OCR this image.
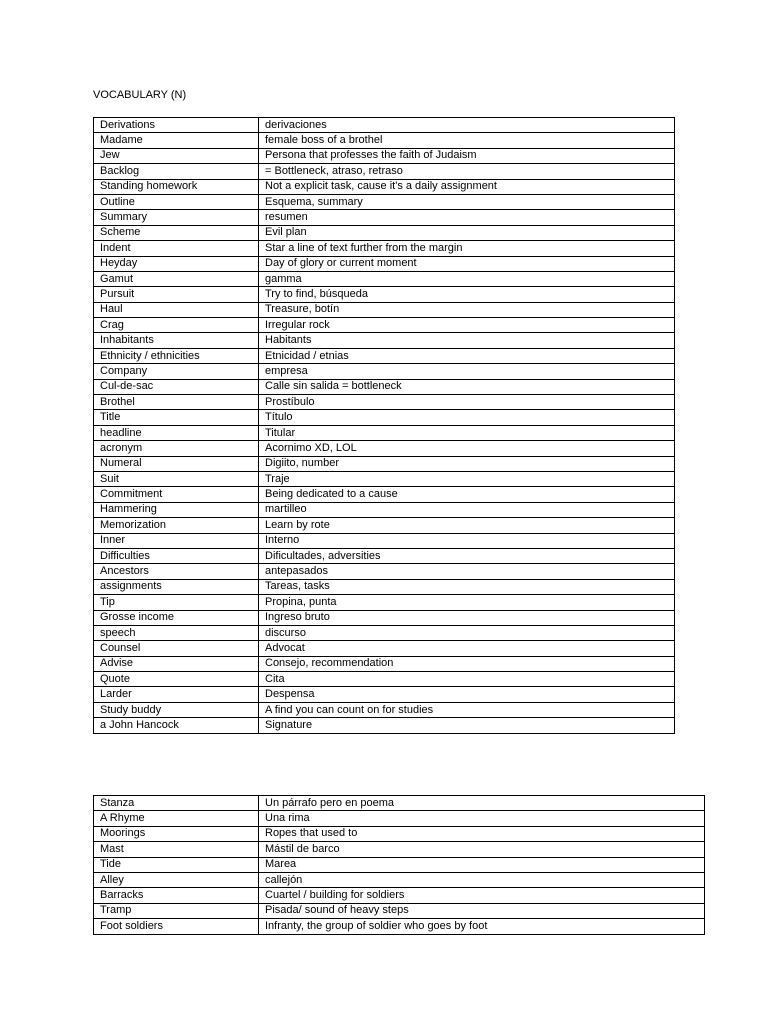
VOCABULARY (N)
Derivations	derivaciones
Madame	female boss of a brothel
Jew	Persona that professes the faith of Judaism
Backlog	= Bottleneck, atraso, retraso
Standing homework	Not a explicit task, cause it's a daily assignment
Outline	Esquema, summary
Summary	resumen
Scheme	Evil plan
Indent	Star a line of text further from the margin
Heyday	Day of glory or current moment
Gamut	gamma
Pursuit	Try to find, búsqueda
Haul	Treasure, botín
Crag	Irregular rock
Inhabitants	Habitants
Ethnicity / ethnicities	Etnicidad / etnias
Company	empresa
Cul-de-sac	Calle sin salida = bottleneck
Brothel	Prostíbulo
Title	Título
headline	Titular
acronym	Acornimo XD, LOL
Numeral	Digiito, number
Suit	Traje
Commitment	Being dedicated to a cause
Hammering	martilleo
Memorization	Learn by rote
Inner	Interno
Difficulties	Dificultades, adversities
Ancestors	antepasados
assignments	Tareas, tasks
Tip	Propina, punta
Grosse income	Ingreso bruto
speech	discurso
Counsel	Advocat
Advise	Consejo, recommendation
Quote	Cita
Larder	Despensa
Study buddy	A find you can count on for studies
a John Hancock	Signature
Stanza	Un párrafo pero en poema
A Rhyme	Una rima
Moorings	Ropes that used to
Mast	Mástil de barco
Tide	Marea
Alley	callejón
Barracks	Cuartel / building for soldiers
Tramp	Pisada/ sound of heavy steps
Foot soldiers	Infranty, the group of soldier who goes by foot
